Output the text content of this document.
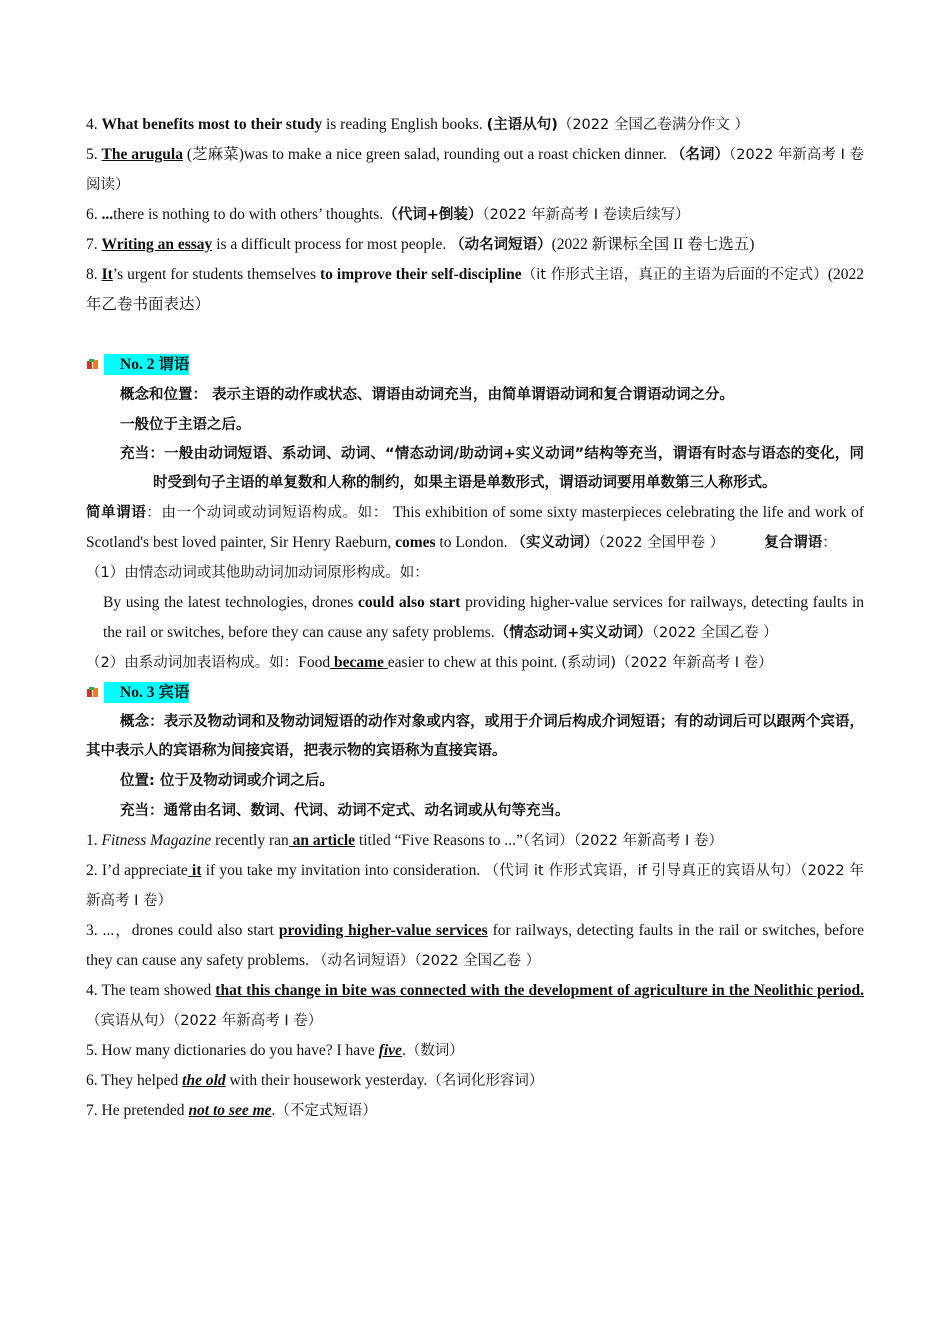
4. What benefits most to their study is reading English books. (主语从句)（2022 全国乙卷满分作文 ）
5. The arugula (芝麻菜)was to make a nice green salad, rounding out a roast chicken dinner. （名词）（2022 年新高考 I 卷阅读）
6. ...there is nothing to do with others’ thoughts.（代词+倒装）（2022 年新高考 I 卷读后续写）
7. Writing an essay is a difficult process for most people. （动名词短语）(2022 新课标全国 II 卷七选五)
8. It’s urgent for students themselves to improve their self-discipline（it 作形式主语，真正的主语为后面的不定式）(2022 年乙卷书面表达）
No. 2 谓语
概念和位置： 表示主语的动作或状态、谓语由动词充当，由简单谓语动词和复合谓语动词之分。
一般位于主语之后。
充当：一般由动词短语、系动词、动词、“情态动词/助动词+实义动词”结构等充当，谓语有时态与语态的变化，同时受到句子主语的单复数和人称的制约，如果主语是单数形式，谓语动词要用单数第三人称形式。
简单谓语：由一个动词或动词短语构成。如： This exhibition of some sixty masterpieces celebrating the life and work of Scotland's best loved painter, Sir Henry Raeburn, comes to London. （实义动词）（2022 全国甲卷 ）	复合谓语：
（1）由情态动词或其他助动词加动词原形构成。如：
By using the latest technologies, drones could also start providing higher-value services for railways, detecting faults in the rail or switches, before they can cause any safety problems.（情态动词+实义动词）（2022 全国乙卷 ）
（2）由系动词加表语构成。如：Food became easier to chew at this point. (系动词)（2022 年新高考 I 卷）
No. 3 宾语
概念：表示及物动词和及物动词短语的动作对象或内容，或用于介词后构成介词短语；有的动词后可以跟两个宾语，其中表示人的宾语称为间接宾语，把表示物的宾语称为直接宾语。
位置: 位于及物动词或介词之后。
充当：通常由名词、数词、代词、动词不定式、动名词或从句等充当。
1. Fitness Magazine recently ran an article titled “Five Reasons to ...”（名词）（2022 年新高考 I 卷）
2. I’d appreciate it if you take my invitation into consideration. （代词 it 作形式宾语，if 引导真正的宾语从句）（2022 年新高考 I 卷）
3. ...，drones could also start providing higher-value services for railways, detecting faults in the rail or switches, before they can cause any safety problems. （动名词短语）（2022 全国乙卷 ）
4. The team showed that this change in bite was connected with the development of agriculture in the Neolithic period. （宾语从句）（2022 年新高考 I 卷）
5. How many dictionaries do you have? I have five.（数词）
6. They helped the old with their housework yesterday.（名词化形容词）
7. He pretended not to see me.（不定式短语）
